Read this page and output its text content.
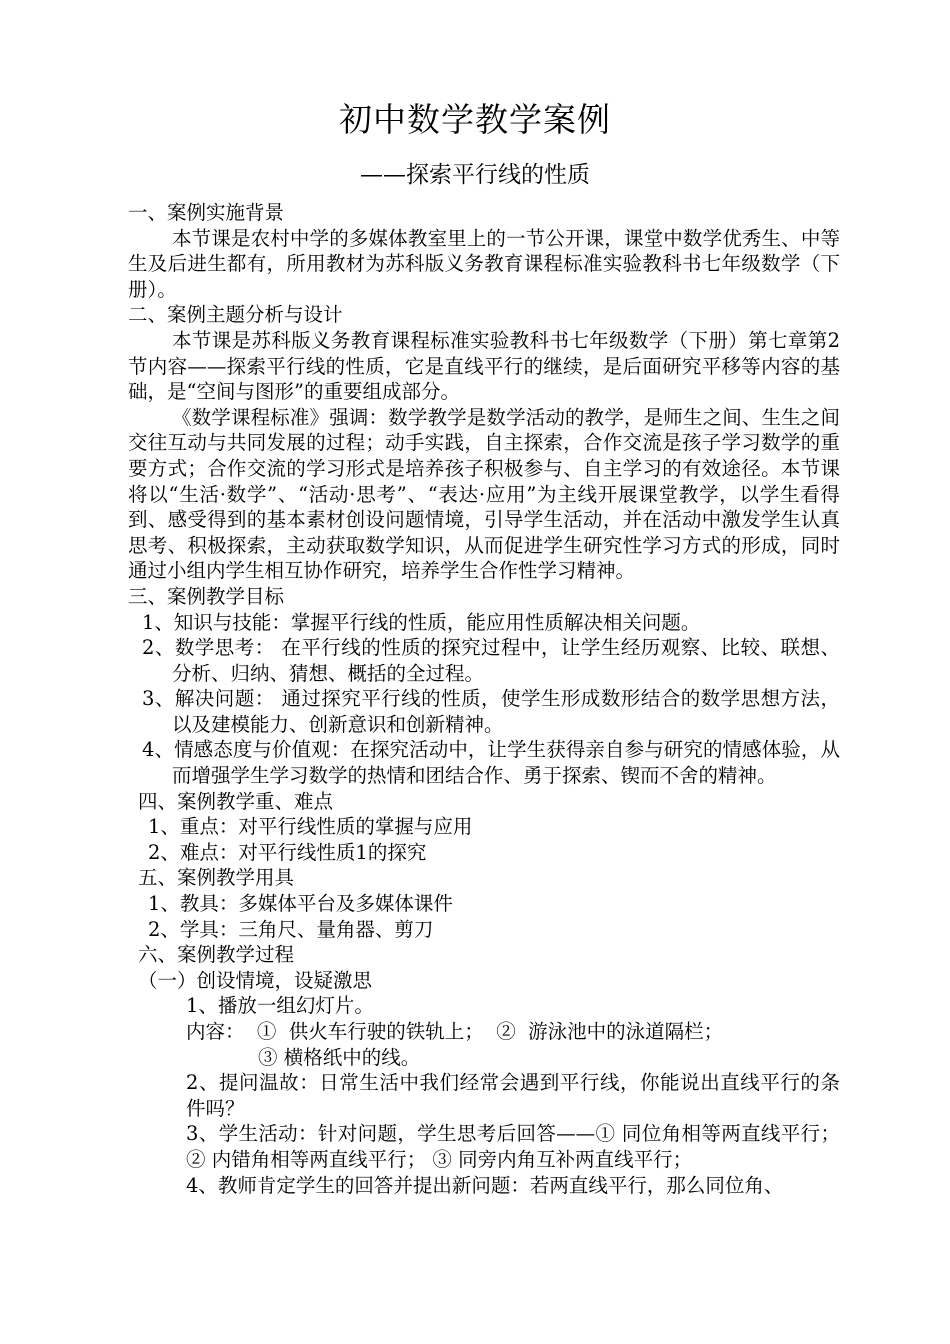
初中数学教学案例
——探索平行线的性质

一、案例实施背景

本节课是农村中学的多媒体教室里上的一节公开课，课堂中数学优秀生、中等生及后进生都有，所用教材为苏科版义务教育课程标准实验教科书七年级数学（下册）。

二、案例主题分析与设计

本节课是苏科版义务教育课程标准实验教科书七年级数学（下册）第七章第2节内容——探索平行线的性质，它是直线平行的继续，是后面研究平移等内容的基础，是“空间与图形”的重要组成部分。

《数学课程标准》强调：数学教学是数学活动的教学，是师生之间、生生之间交往互动与共同发展的过程；动手实践，自主探索，合作交流是孩子学习数学的重要方式；合作交流的学习形式是培养孩子积极参与、自主学习的有效途径。本节课将以“生活·数学”、“活动·思考”、“表达·应用”为主线开展课堂教学，以学生看得到、感受得到的基本素材创设问题情境，引导学生活动，并在活动中激发学生认真思考、积极探索，主动获取数学知识，从而促进学生研究性学习方式的形成，同时通过小组内学生相互协作研究，培养学生合作性学习精神。

三、案例教学目标

1、知识与技能：掌握平行线的性质，能应用性质解决相关问题。

2、数学思考： 在平行线的性质的探究过程中，让学生经历观察、比较、联想、分析、归纳、猜想、概括的全过程。

3、解决问题： 通过探究平行线的性质，使学生形成数形结合的数学思想方法，以及建模能力、创新意识和创新精神。

4、情感态度与价值观：在探究活动中，让学生获得亲自参与研究的情感体验，从而增强学生学习数学的热情和团结合作、勇于探索、锲而不舍的精神。

四、案例教学重、难点

1、重点：对平行线性质的掌握与应用

2、难点：对平行线性质1的探究

五、案例教学用具

1、教具：多媒体平台及多媒体课件

2、学具：三角尺、量角器、剪刀

六、案例教学过程

（一）创设情境，设疑激思

1、播放一组幻灯片。

内容：  ①  供火车行驶的铁轨上；  ②  游泳池中的泳道隔栏；

③ 横格纸中的线。

2、提问温故：日常生活中我们经常会遇到平行线，你能说出直线平行的条件吗？

3、学生活动：针对问题，学生思考后回答——① 同位角相等两直线平行； ② 内错角相等两直线平行； ③ 同旁内角互补两直线平行；

4、教师肯定学生的回答并提出新问题：若两直线平行，那么同位角、
